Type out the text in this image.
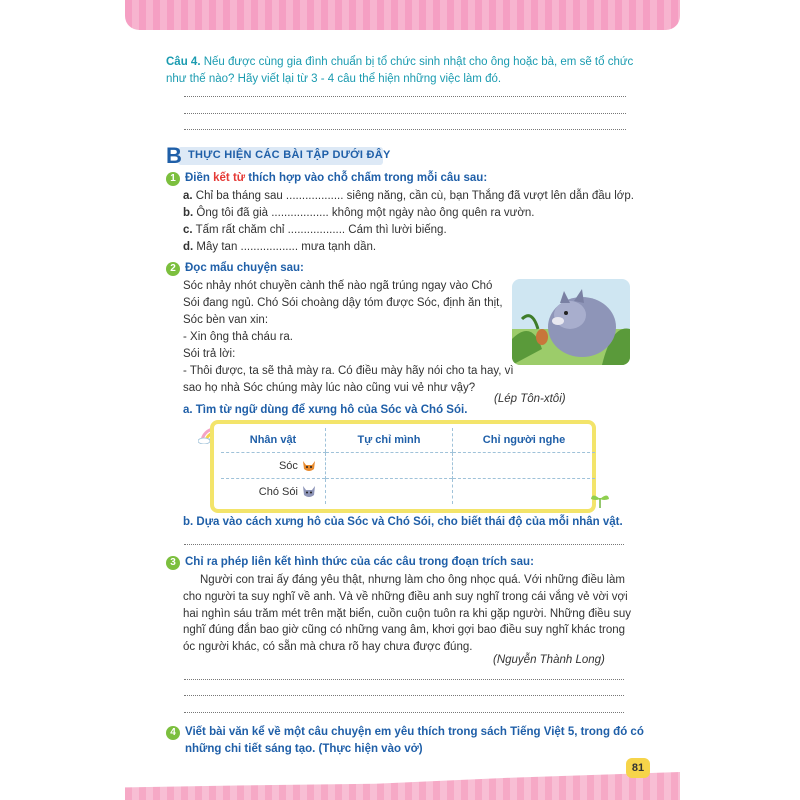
Câu 4. Nếu được cùng gia đình chuẩn bị tổ chức sinh nhật cho ông hoặc bà, em sẽ tổ chức
như thế nào? Hãy viết lại từ 3 - 4 câu thể hiện những việc làm đó.
B THỰC HIỆN CÁC BÀI TẬP DƯỚI ĐÂY
1 Điền kết từ thích hợp vào chỗ chấm trong mỗi câu sau:
a. Chỉ ba tháng sau .................. siêng năng, cần cù, bạn Thắng đã vượt lên dẫn đầu lớp.
b. Ông tôi đã già .................. không một ngày nào ông quên ra vườn.
c. Tấm rất chăm chỉ .................. Cám thì lười biếng.
d. Mây tan .................. mưa tạnh dần.
2 Đọc mẩu chuyện sau:
Sóc nhảy nhót chuyền cành thế nào ngã trúng ngay vào Chó
Sói đang ngủ. Chó Sói choàng dậy tóm được Sóc, định ăn thịt,
Sóc bèn van xin:
- Xin ông thả cháu ra.
Sói trả lời:
- Thôi được, ta sẽ thả mày ra. Có điều mày hãy nói cho ta hay, vì
sao họ nhà Sóc chúng mày lúc nào cũng vui vẻ như vậy?
(Lép Tôn-xtôi)
a. Tìm từ ngữ dùng để xưng hô của Sóc và Chó Sói.
Nhân vật	Tự chỉ mình	Chỉ người nghe
Sóc		
Chó Sói		
b. Dựa vào cách xưng hô của Sóc và Chó Sói, cho biết thái độ của mỗi nhân vật.
3 Chỉ ra phép liên kết hình thức của các câu trong đoạn trích sau:
Người con trai ấy đáng yêu thật, nhưng làm cho ông nhọc quá. Với những điều làm
cho người ta suy nghĩ về anh. Và về những điều anh suy nghĩ trong cái vắng vẻ vời vợi
hai nghìn sáu trăm mét trên mặt biển, cuồn cuộn tuôn ra khi gặp người. Những điều suy
nghĩ đúng đắn bao giờ cũng có những vang âm, khơi gợi bao điều suy nghĩ khác trong
óc người khác, có sẵn mà chưa rõ hay chưa được đúng.
(Nguyễn Thành Long)
4 Viết bài văn kể về một câu chuyện em yêu thích trong sách Tiếng Việt 5, trong đó có
những chi tiết sáng tạo. (Thực hiện vào vở)
81
